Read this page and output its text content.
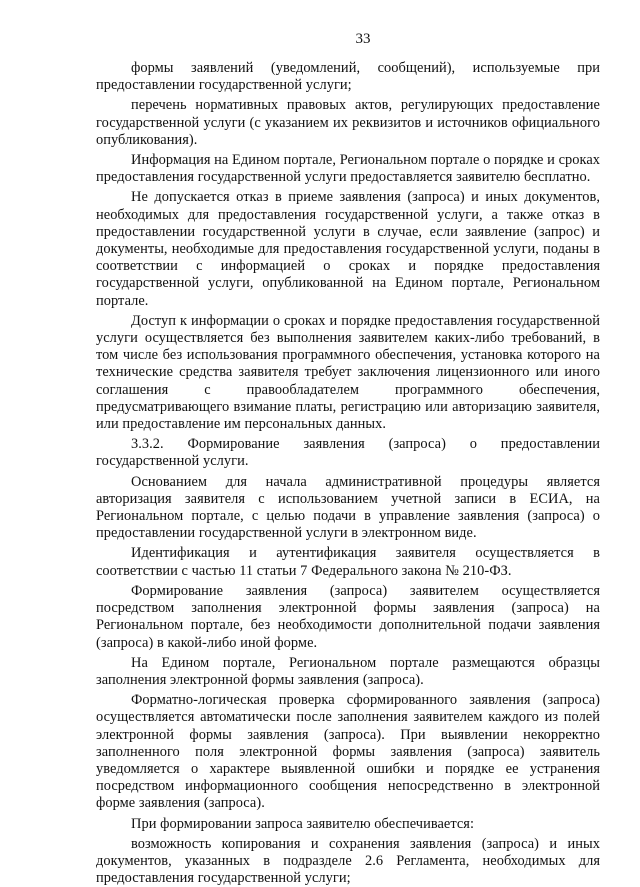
33

формы заявлений (уведомлений, сообщений), используемые при предоставлении государственной услуги;

перечень нормативных правовых актов, регулирующих предоставление государственной услуги (с указанием их реквизитов и источников официального опубликования).

Информация на Едином портале, Региональном портале о порядке и сроках предоставления государственной услуги предоставляется заявителю бесплатно.

Не допускается отказ в приеме заявления (запроса) и иных документов, необходимых для предоставления государственной услуги, а также отказ в предоставлении государственной услуги в случае, если заявление (запрос) и документы, необходимые для предоставления государственной услуги, поданы в соответствии с информацией о сроках и порядке предоставления государственной услуги, опубликованной на Едином портале, Региональном портале.

Доступ к информации о сроках и порядке предоставления государственной услуги осуществляется без выполнения заявителем каких-либо требований, в том числе без использования программного обеспечения, установка которого на технические средства заявителя требует заключения лицензионного или иного соглашения с правообладателем программного обеспечения, предусматривающего взимание платы, регистрацию или авторизацию заявителя, или предоставление им персональных данных.

3.3.2. Формирование заявления (запроса) о предоставлении государственной услуги.

Основанием для начала административной процедуры является авторизация заявителя с использованием учетной записи в ЕСИА, на Региональном портале, с целью подачи в управление заявления (запроса) о предоставлении государственной услуги в электронном виде.

Идентификация и аутентификация заявителя осуществляется в соответствии с частью 11 статьи 7 Федерального закона № 210-ФЗ.

Формирование заявления (запроса) заявителем осуществляется посредством заполнения электронной формы заявления (запроса) на Региональном портале, без необходимости дополнительной подачи заявления (запроса) в какой-либо иной форме.

На Едином портале, Региональном портале размещаются образцы заполнения электронной формы заявления (запроса).

Форматно-логическая проверка сформированного заявления (запроса) осуществляется автоматически после заполнения заявителем каждого из полей электронной формы заявления (запроса). При выявлении некорректно заполненного поля электронной формы заявления (запроса) заявитель уведомляется о характере выявленной ошибки и порядке ее устранения посредством информационного сообщения непосредственно в электронной форме заявления (запроса).

При формировании запроса заявителю обеспечивается:

возможность копирования и сохранения заявления (запроса) и иных документов, указанных в подразделе 2.6 Регламента, необходимых для предоставления государственной услуги;
